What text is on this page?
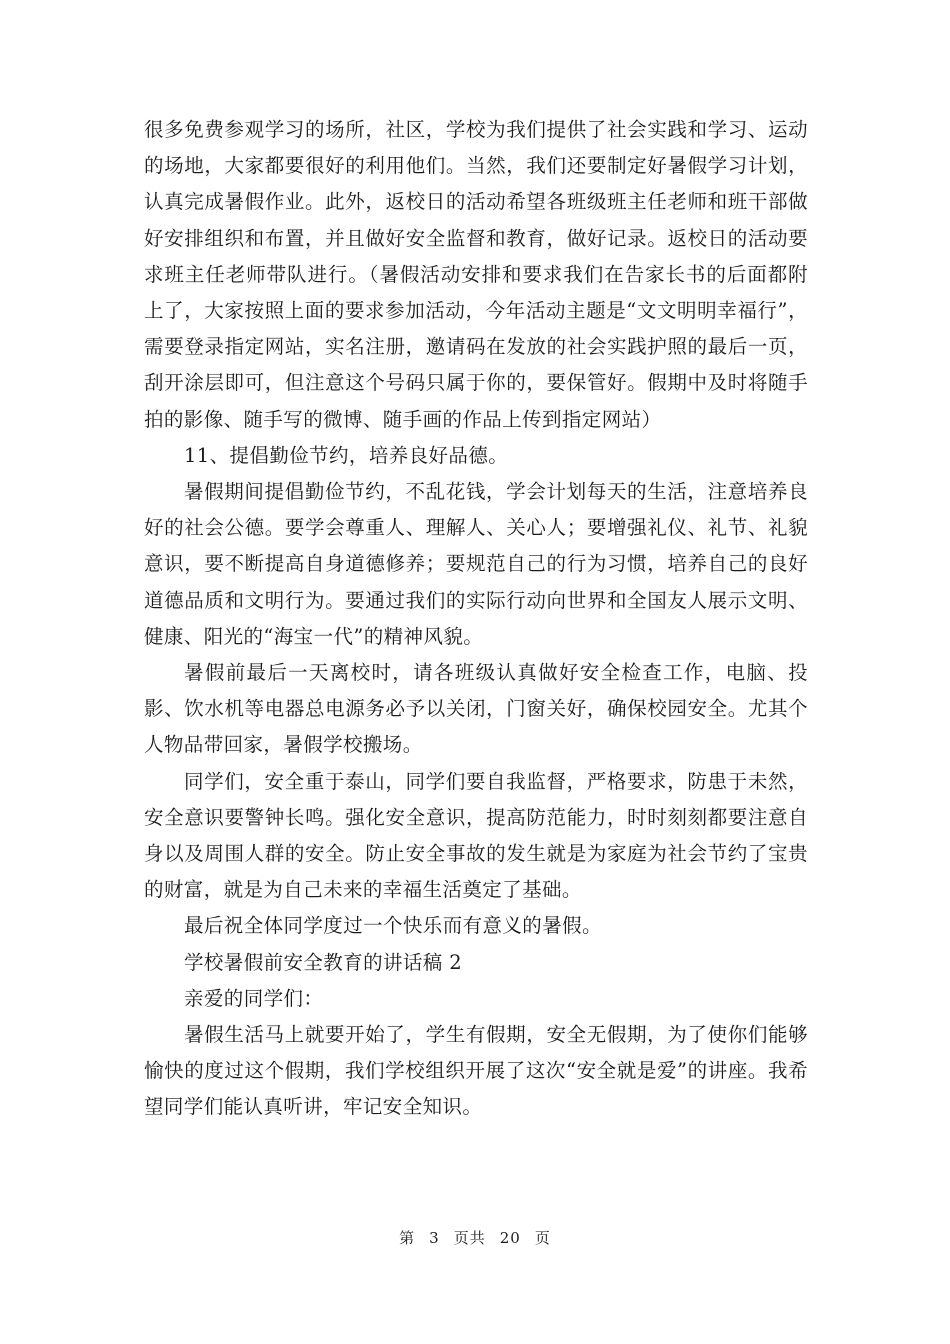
很多免费参观学习的场所，社区，学校为我们提供了社会实践和学习、运动的场地，大家都要很好的利用他们。当然，我们还要制定好暑假学习计划，认真完成暑假作业。此外，返校日的活动希望各班级班主任老师和班干部做好安排组织和布置，并且做好安全监督和教育，做好记录。返校日的活动要求班主任老师带队进行。（暑假活动安排和要求我们在告家长书的后面都附上了，大家按照上面的要求参加活动，今年活动主题是“文文明明幸福行”，需要登录指定网站，实名注册，邀请码在发放的社会实践护照的最后一页，刮开涂层即可，但注意这个号码只属于你的，要保管好。假期中及时将随手拍的影像、随手写的微博、随手画的作品上传到指定网站）

11、提倡勤俭节约，培养良好品德。

暑假期间提倡勤俭节约，不乱花钱，学会计划每天的生活，注意培养良好的社会公德。要学会尊重人、理解人、关心人；要增强礼仪、礼节、礼貌意识，要不断提高自身道德修养；要规范自己的行为习惯，培养自己的良好道德品质和文明行为。要通过我们的实际行动向世界和全国友人展示文明、健康、阳光的“海宝一代”的精神风貌。

暑假前最后一天离校时，请各班级认真做好安全检查工作，电脑、投影、饮水机等电器总电源务必予以关闭，门窗关好，确保校园安全。尤其个人物品带回家，暑假学校搬场。

同学们，安全重于泰山，同学们要自我监督，严格要求，防患于未然，安全意识要警钟长鸣。强化安全意识，提高防范能力，时时刻刻都要注意自身以及周围人群的安全。防止安全事故的发生就是为家庭为社会节约了宝贵的财富，就是为自己未来的幸福生活奠定了基础。

最后祝全体同学度过一个快乐而有意义的暑假。

学校暑假前安全教育的讲话稿 2

亲爱的同学们：

暑假生活马上就要开始了，学生有假期，安全无假期，为了使你们能够愉快的度过这个假期，我们学校组织开展了这次“安全就是爱”的讲座。我希望同学们能认真听讲，牢记安全知识。

第 3 页共 20 页
